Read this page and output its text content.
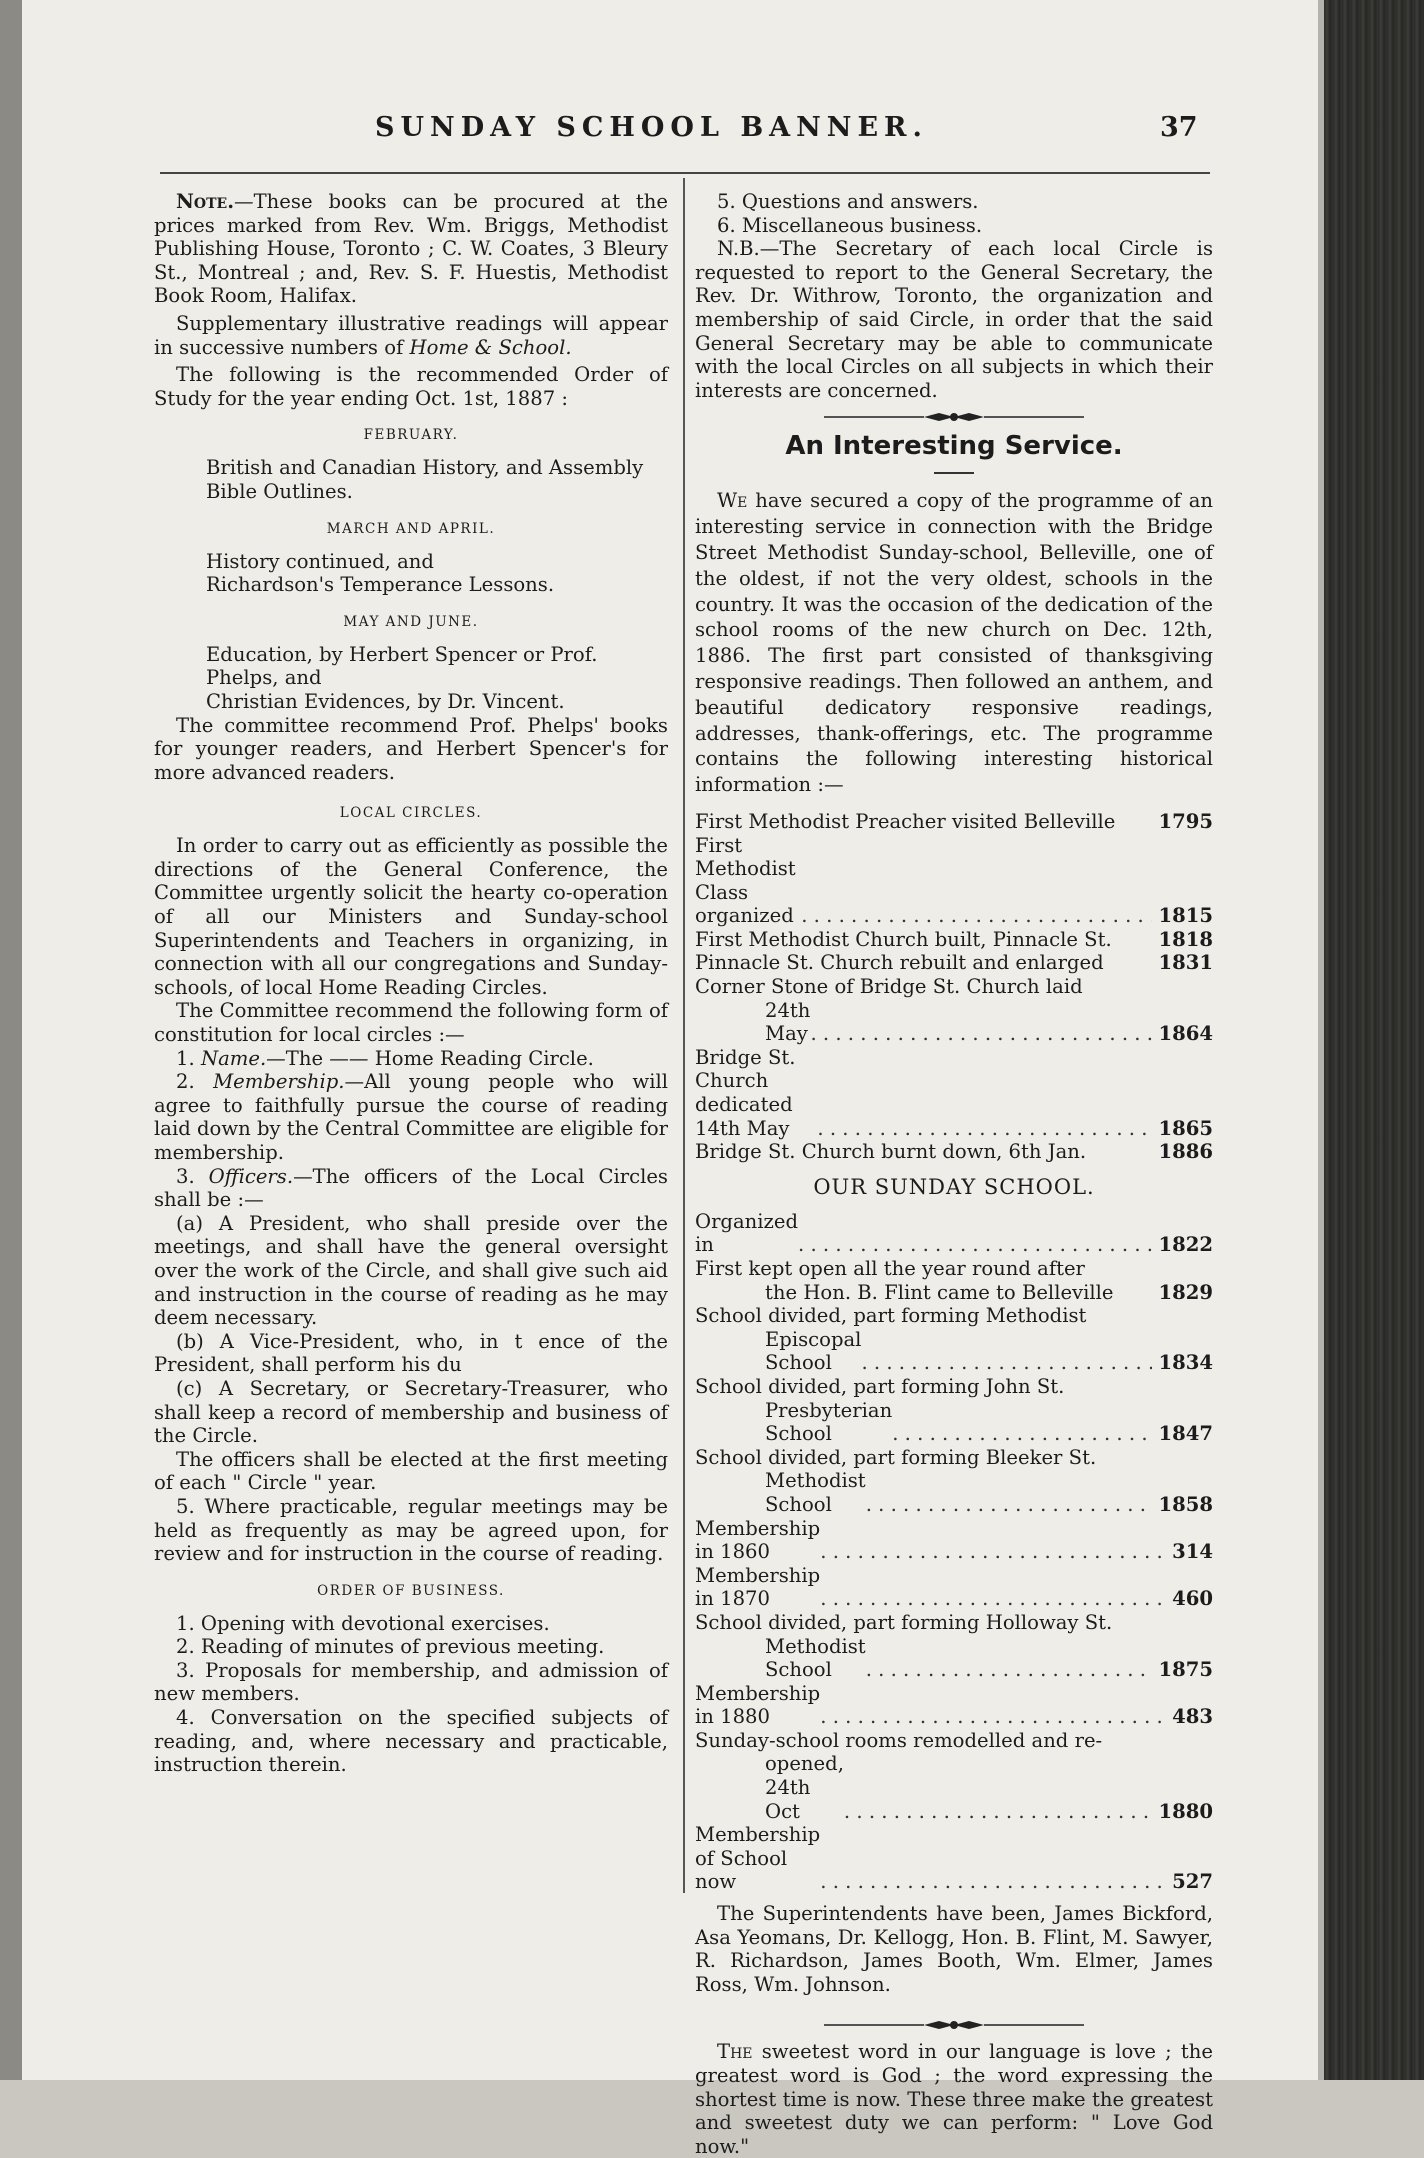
SUNDAY SCHOOL BANNER.	37

Note.—These books can be procured at the prices marked from Rev. Wm. Briggs, Methodist Publishing House, Toronto ; C. W. Coates, 3 Bleury St., Montreal ; and, Rev. S. F. Huestis, Methodist Book Room, Halifax.

Supplementary illustrative readings will appear in successive numbers of Home & School.

The following is the recommended Order of Study for the year ending Oct. 1st, 1887 :

FEBRUARY.

British and Canadian History, and Assembly Bible Outlines.

MARCH AND APRIL.

History continued, and

Richardson's Temperance Lessons.

MAY AND JUNE.

Education, by Herbert Spencer or Prof. Phelps, and

Christian Evidences, by Dr. Vincent.

The committee recommend Prof. Phelps' books for younger readers, and Herbert Spencer's for more advanced readers.

LOCAL CIRCLES.

In order to carry out as efficiently as possible the directions of the General Conference, the Committee urgently solicit the hearty co-operation of all our Ministers and Sunday-school Superintendents and Teachers in organizing, in connection with all our congregations and Sunday-schools, of local Home Reading Circles.

The Committee recommend the following form of constitution for local circles :—

1. Name.—The —— Home Reading Circle.

2. Membership.—All young people who will agree to faithfully pursue the course of reading laid down by the Central Committee are eligible for membership.

3. Officers.—The officers of the Local Circles shall be :—

(a) A President, who shall preside over the meetings, and shall have the general oversight over the work of the Circle, and shall give such aid and instruction in the course of reading as he may deem necessary.

(b) A Vice-President, who, in t ence of the President, shall perform his du

(c) A Secretary, or Secretary-Treasurer, who shall keep a record of membership and business of the Circle.

The officers shall be elected at the first meeting of each " Circle " year.

5. Where practicable, regular meetings may be held as frequently as may be agreed upon, for review and for instruction in the course of reading.

ORDER OF BUSINESS.

1. Opening with devotional exercises.

2. Reading of minutes of previous meeting.

3. Proposals for membership, and admission of new members.

4. Conversation on the specified subjects of reading, and, where necessary and practicable, instruction therein.

5. Questions and answers.

6. Miscellaneous business.

N.B.—The Secretary of each local Circle is requested to report to the General Secretary, the Rev. Dr. Withrow, Toronto, the organization and membership of said Circle, in order that the said General Secretary may be able to communicate with the local Circles on all subjects in which their interests are concerned.

An Interesting Service.

We have secured a copy of the programme of an interesting service in connection with the Bridge Street Methodist Sunday-school, Belleville, one of the oldest, if not the very oldest, schools in the country. It was the occasion of the dedication of the school rooms of the new church on Dec. 12th, 1886. The first part consisted of thanksgiving responsive readings. Then followed an anthem, and beautiful dedicatory responsive readings, addresses, thank-offerings, etc. The programme contains the following interesting historical information :—

First Methodist Preacher visited Belleville	1795
First Methodist Class organized . . .	1815
First Methodist Church built, Pinnacle St.	1818
Pinnacle St. Church rebuilt and enlarged	1831
Corner Stone of Bridge St. Church laid
24th May . . .	1864
Bridge St. Church dedicated 14th May . . .	1865
Bridge St. Church burnt down, 6th Jan.	1886
OUR SUNDAY SCHOOL.
Organized in . . .	1822
First kept open all the year round after
the Hon. B. Flint came to Belleville	1829
School divided, part forming Methodist
Episcopal School . . .	1834
School divided, part forming John St.
Presbyterian School . . .	1847
School divided, part forming Bleeker St.
Methodist School . . .	1858
Membership in 1860 . . .	314
Membership in 1870 . . .	460
School divided, part forming Holloway St.
Methodist School . . .	1875
Membership in 1880 . . .	483
Sunday-school rooms remodelled and re-
opened, 24th Oct . . .	1880
Membership of School now . . .	527

The Superintendents have been, James Bickford, Asa Yeomans, Dr. Kellogg, Hon. B. Flint, M. Sawyer, R. Richardson, James Booth, Wm. Elmer, James Ross, Wm. Johnson.

The sweetest word in our language is love ; the greatest word is God ; the word expressing the shortest time is now. These three make the greatest and sweetest duty we can perform: " Love God now."
